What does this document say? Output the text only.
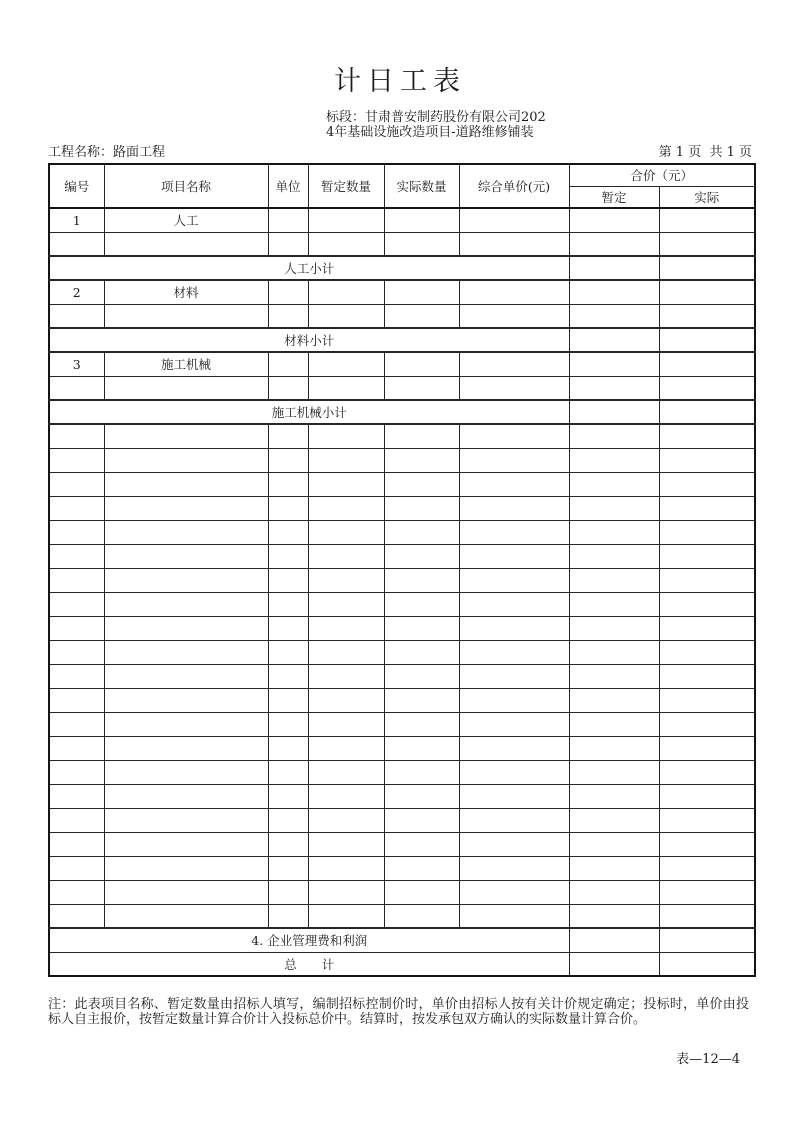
计日工表
标段：甘肃普安制药股份有限公司202
4年基础设施改造项目-道路维修铺装
工程名称：路面工程	第 1 页  共 1 页
编号	项目名称	单位	暂定数量	实际数量	综合单价(元)	合价（元）	
						暂定	实际
1	人工						

人工小计							
2	材料						

材料小计							
3	施工机械						

施工机械小计							

4. 企业管理费和利润							
总　　计							

注：此表项目名称、暂定数量由招标人填写，编制招标控制价时，单价由招标人按有关计价规定确定；投标时，单价由投标人自主报价，按暂定数量计算合价计入投标总价中。结算时，按发承包双方确认的实际数量计算合价。

表—12—4
